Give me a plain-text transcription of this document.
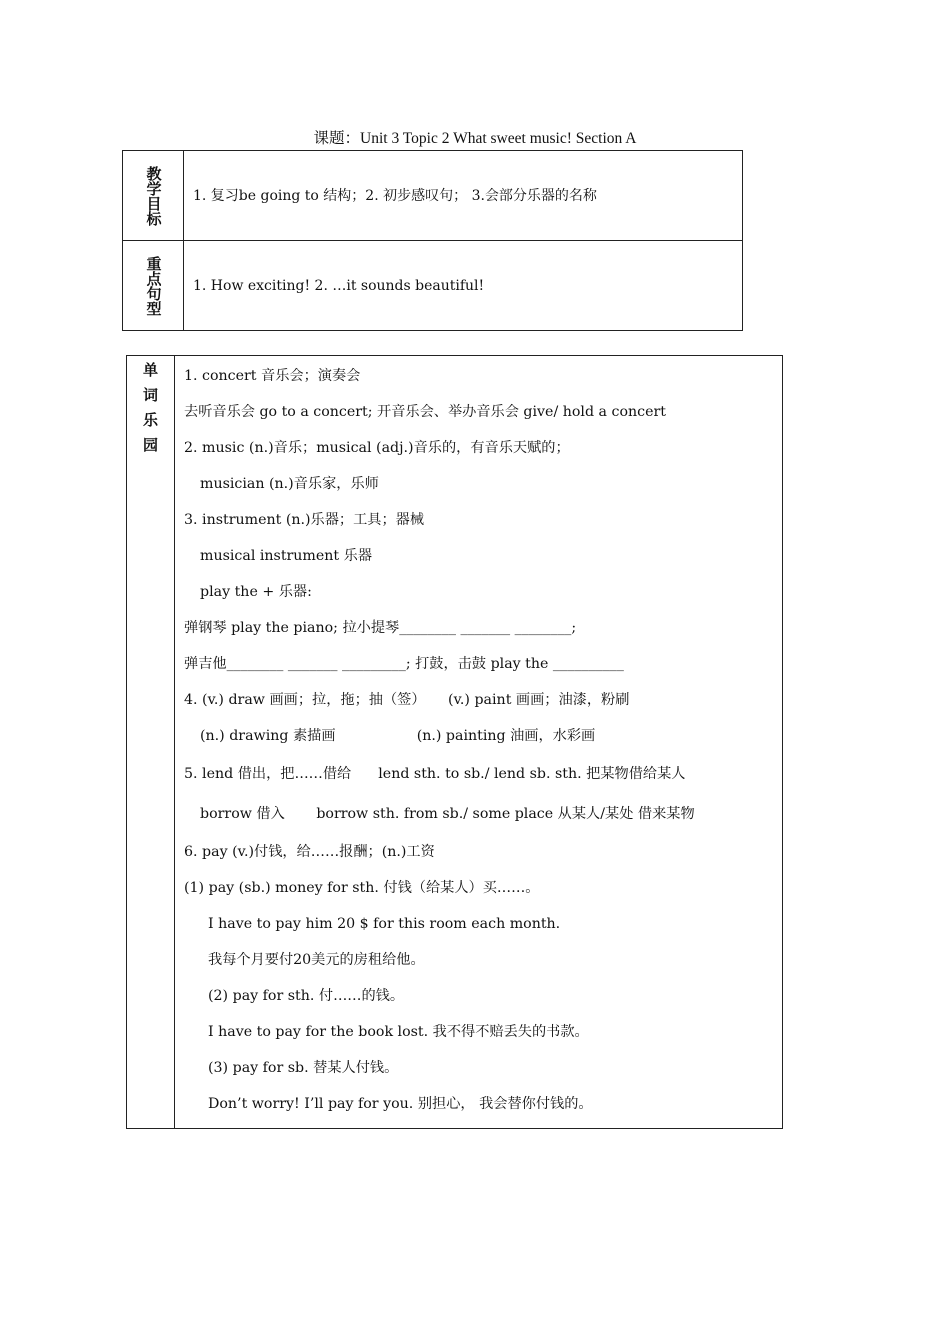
课题：Unit 3 Topic 2 What sweet music! Section A
教学目标	1. 复习be going to 结构；2. 初步感叹句； 3.会部分乐器的名称
重点句型	1. How exciting! 2. …it sounds beautiful!
单词乐园

1. concert 音乐会；演奏会
去听音乐会 go to a concert; 开音乐会、举办音乐会 give/ hold a concert
2. music (n.)音乐；musical (adj.)音乐的，有音乐天赋的；
musician (n.)音乐家，乐师
3. instrument (n.)乐器；工具；器械
musical instrument 乐器
play the + 乐器:
弹钢琴 play the piano; 拉小提琴________ _______ ________;
弹吉他________ _______ _________; 打鼓，击鼓 play the __________
4. (v.) draw 画画；拉，拖；抽（签）     (v.) paint 画画；油漆，粉刷
(n.) drawing 素描画                  (n.) painting 油画，水彩画
5. lend 借出，把……借给      lend sth. to sb./ lend sb. sth. 把某物借给某人
borrow 借入       borrow sth. from sb./ some place 从某人/某处 借来某物
6. pay (v.)付钱，给……报酬；(n.)工资
(1) pay (sb.) money for sth. 付钱（给某人）买……。
I have to pay him 20 $ for this room each month.
我每个月要付20美元的房租给他。
(2) pay for sth. 付……的钱。
I have to pay for the book lost. 我不得不赔丢失的书款。
(3) pay for sb. 替某人付钱。
Don’t worry! I’ll pay for you. 别担心， 我会替你付钱的。
